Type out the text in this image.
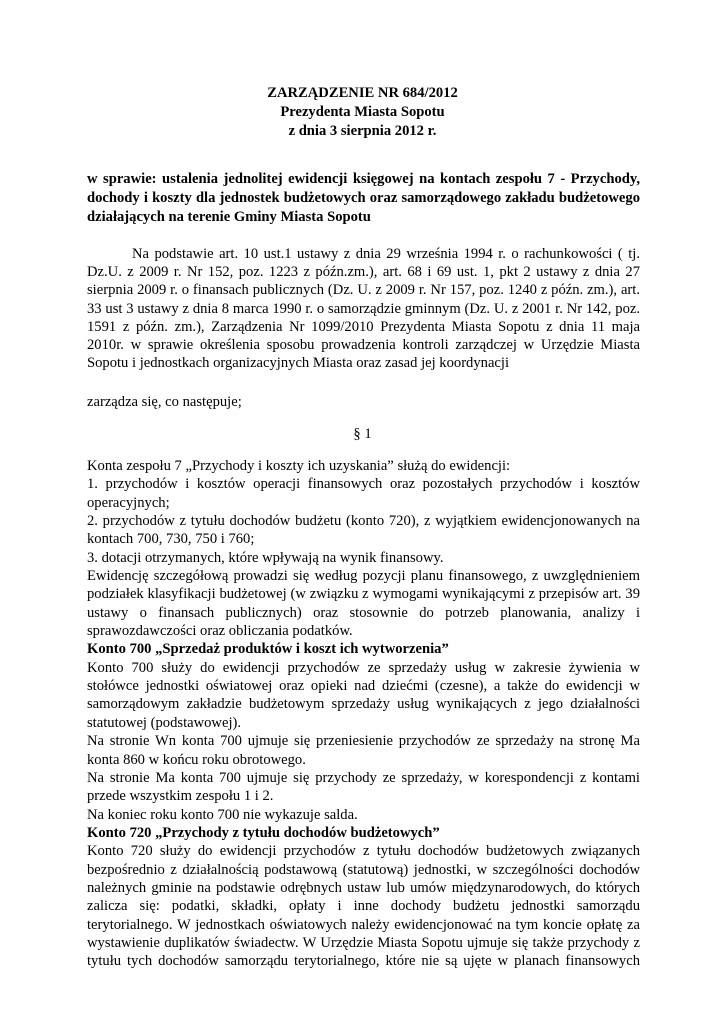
ZARZĄDZENIE NR 684/2012
Prezydenta Miasta Sopotu
z dnia 3 sierpnia 2012 r.
w sprawie: ustalenia jednolitej ewidencji księgowej na kontach zespołu 7 - Przychody, dochody i koszty dla jednostek budżetowych oraz samorządowego zakładu budżetowego działających na terenie Gminy Miasta Sopotu
Na podstawie art. 10 ust.1 ustawy z dnia 29 września 1994 r. o rachunkowości ( tj. Dz.U. z 2009 r. Nr 152, poz. 1223 z późn.zm.), art. 68 i 69 ust. 1, pkt 2 ustawy z dnia 27 sierpnia 2009 r. o finansach publicznych (Dz. U. z 2009 r. Nr 157, poz. 1240 z późn. zm.), art. 33 ust 3 ustawy z dnia 8 marca 1990 r. o samorządzie gminnym (Dz. U. z 2001 r. Nr 142, poz. 1591 z późn. zm.), Zarządzenia Nr 1099/2010 Prezydenta Miasta Sopotu z dnia 11 maja 2010r. w sprawie określenia sposobu prowadzenia kontroli zarządczej w Urzędzie Miasta Sopotu i jednostkach organizacyjnych Miasta oraz zasad jej koordynacji
zarządza się, co następuje;
§ 1

Konta zespołu 7 „Przychody i koszty ich uzyskania” służą do ewidencji:

1. przychodów i kosztów operacji finansowych oraz pozostałych przychodów i kosztów operacyjnych;

2. przychodów z tytułu dochodów budżetu (konto 720), z wyjątkiem ewidencjonowanych na kontach 700, 730, 750 i 760;

3. dotacji otrzymanych, które wpływają na wynik finansowy.

Ewidencję szczegółową prowadzi się według pozycji planu finansowego, z uwzględnieniem podziałek klasyfikacji budżetowej (w związku z wymogami wynikającymi z przepisów art. 39 ustawy o finansach publicznych) oraz stosownie do potrzeb planowania, analizy i sprawozdawczości oraz obliczania podatków.

Konto 700 „Sprzedaż produktów i koszt ich wytworzenia”

Konto 700 służy do ewidencji przychodów ze sprzedaży usług w zakresie żywienia w stołówce jednostki oświatowej oraz opieki nad dziećmi (czesne), a także do ewidencji w samorządowym zakładzie budżetowym sprzedaży usług wynikających z jego działalności statutowej (podstawowej).

Na stronie Wn konta 700 ujmuje się przeniesienie przychodów ze sprzedaży na stronę Ma konta 860 w końcu roku obrotowego.

Na stronie Ma konta 700 ujmuje się przychody ze sprzedaży, w korespondencji z kontami przede wszystkim zespołu 1 i 2.

Na koniec roku konto 700 nie wykazuje salda.

Konto 720 „Przychody z tytułu dochodów budżetowych”

Konto 720 służy do ewidencji przychodów z tytułu dochodów budżetowych związanych bezpośrednio z działalnością podstawową (statutową) jednostki, w szczególności dochodów należnych gminie na podstawie odrębnych ustaw lub umów międzynarodowych, do których zalicza się: podatki, składki, opłaty i inne dochody budżetu jednostki samorządu terytorialnego. W jednostkach oświatowych należy ewidencjonować na tym koncie opłatę za wystawienie duplikatów świadectw. W Urzędzie Miasta Sopotu ujmuje się także przychody z tytułu tych dochodów samorządu terytorialnego, które nie są ujęte w planach finansowych
